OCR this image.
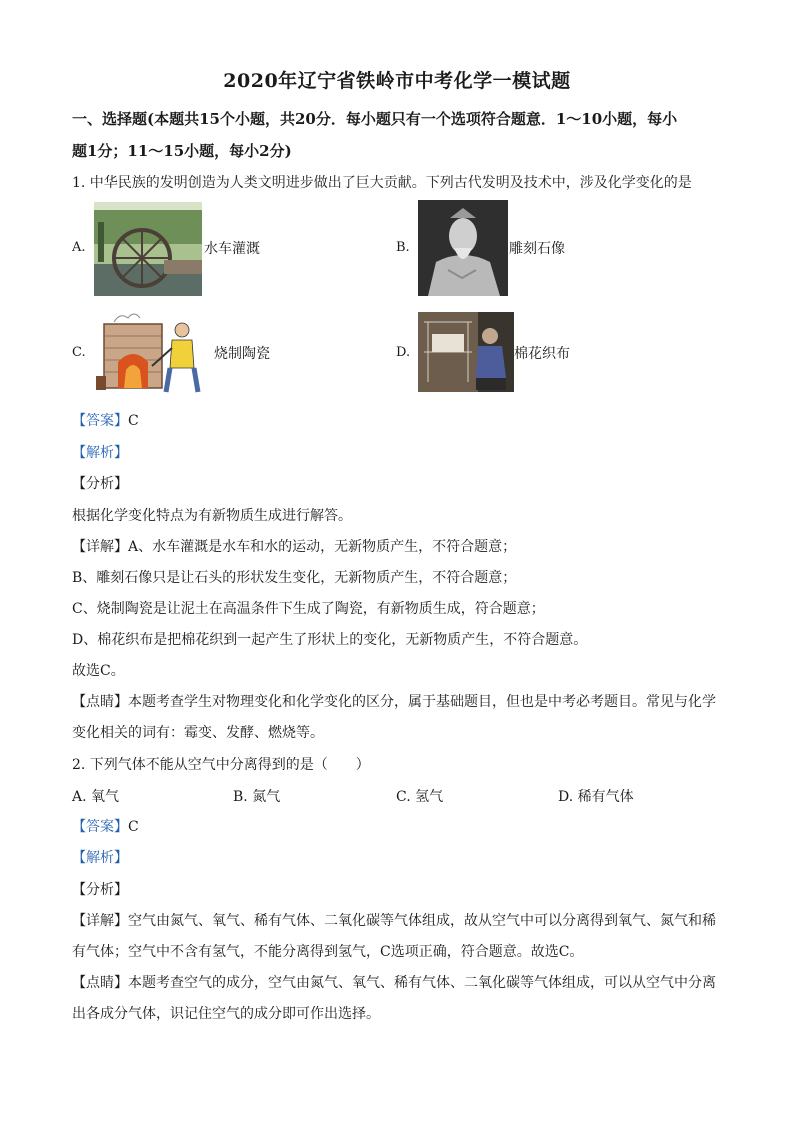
2020年辽宁省铁岭市中考化学一模试题
一、选择题(本题共15个小题，共20分．每小题只有一个选项符合题意．1～10小题，每小
题1分；11～15小题，每小2分)
1. 中华民族的发明创造为人类文明进步做出了巨大贡献。下列古代发明及技术中，涉及化学变化的是
A.	水车灌溉	B.	雕刻石像
C.	烧制陶瓷	D.	棉花织布
【答案】C
【解析】
【分析】
根据化学变化特点为有新物质生成进行解答。
【详解】A、水车灌溉是水车和水的运动，无新物质产生，不符合题意；
B、雕刻石像只是让石头的形状发生变化，无新物质产生，不符合题意；
C、烧制陶瓷是让泥土在高温条件下生成了陶瓷，有新物质生成，符合题意；
D、棉花织布是把棉花织到一起产生了形状上的变化，无新物质产生，不符合题意。
故选C。
【点睛】本题考查学生对物理变化和化学变化的区分，属于基础题目，但也是中考必考题目。常见与化学
变化相关的词有：霉变、发酵、燃烧等。
2. 下列气体不能从空气中分离得到的是（　　）
A. 氧气	B. 氮气	C. 氢气	D. 稀有气体
【答案】C
【解析】
【分析】
【详解】空气由氮气、氧气、稀有气体、二氧化碳等气体组成，故从空气中可以分离得到氧气、氮气和稀
有气体；空气中不含有氢气，不能分离得到氢气，C选项正确，符合题意。故选C。
【点睛】本题考查空气的成分，空气由氮气、氧气、稀有气体、二氧化碳等气体组成，可以从空气中分离
出各成分气体，识记住空气的成分即可作出选择。
